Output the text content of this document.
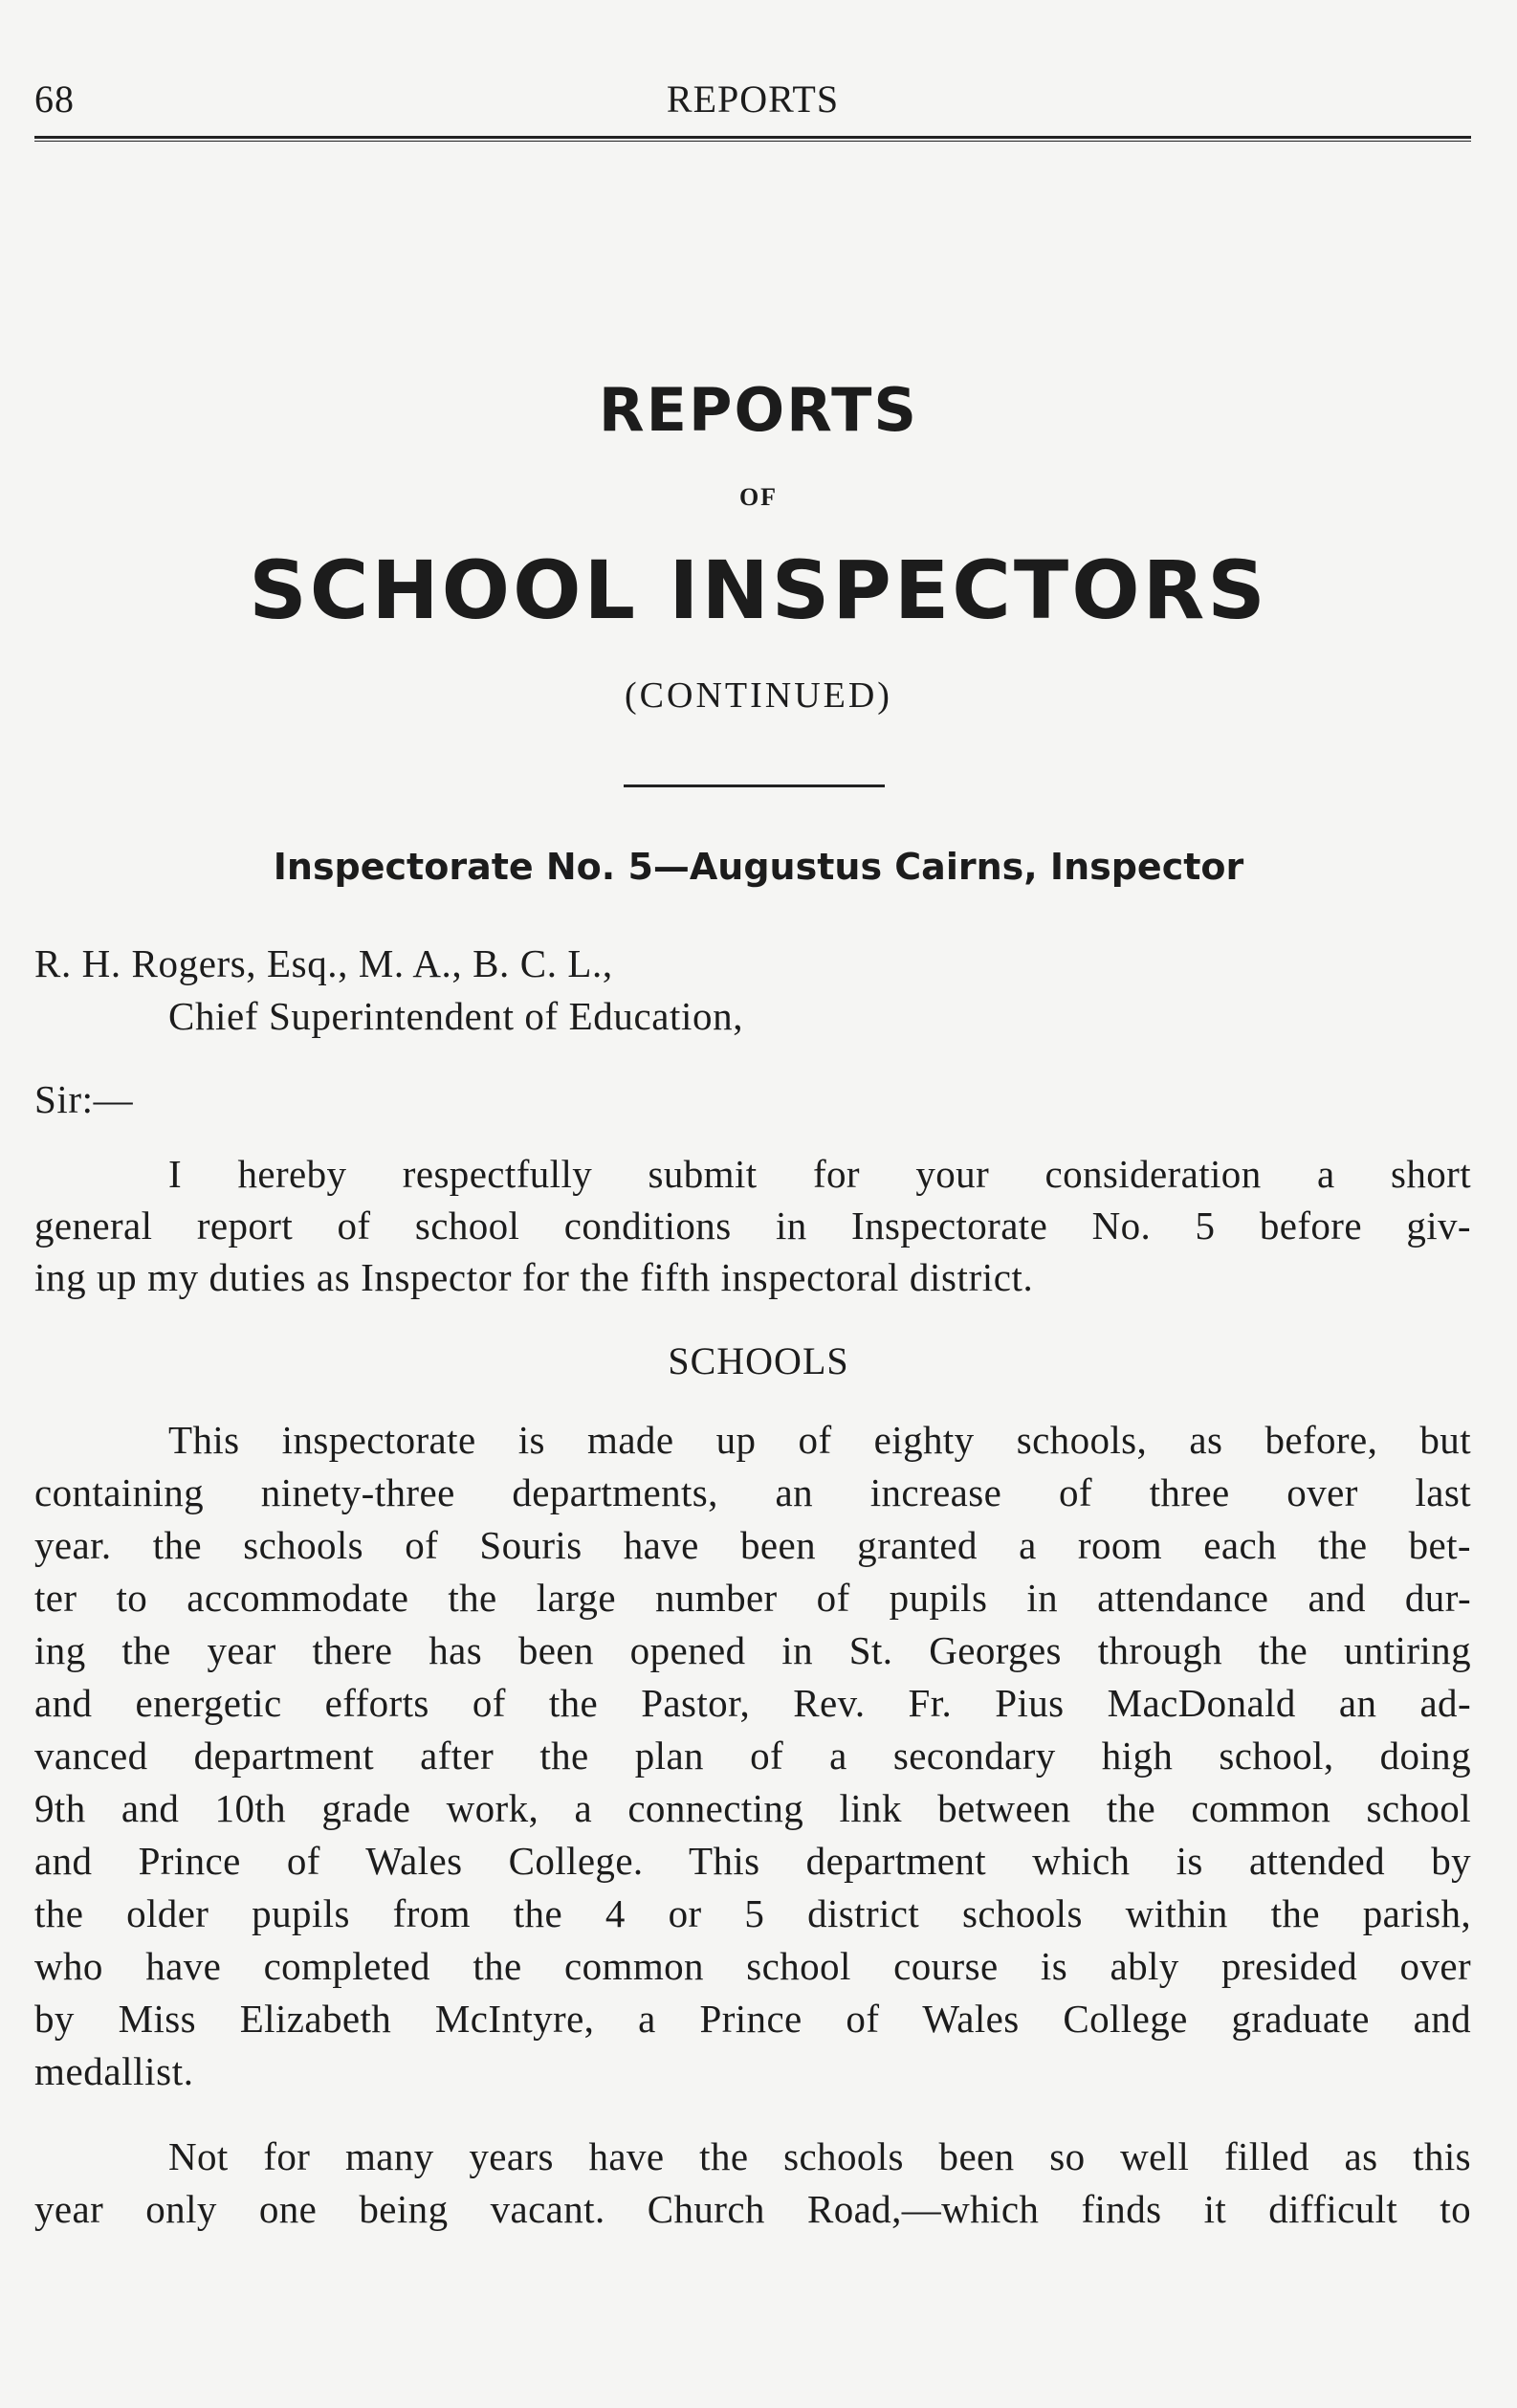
68	REPORTS
REPORTS
OF
SCHOOL INSPECTORS
(CONTINUED)
Inspectorate No. 5—Augustus Cairns, Inspector
R. H. Rogers, Esq., M. A., B. C. L.,
Chief Superintendent of Education,
Sir:—
I hereby respectfully submit for your consideration a short
general report of school conditions in Inspectorate No. 5 before giv-
ing up my duties as Inspector for the fifth inspectoral district.
SCHOOLS
This inspectorate is made up of eighty schools, as before, but
containing ninety-three departments, an increase of three over last
year. the schools of Souris have been granted a room each the bet-
ter to accommodate the large number of pupils in attendance and dur-
ing the year there has been opened in St. Georges through the untiring
and energetic efforts of the Pastor, Rev. Fr. Pius MacDonald an ad-
vanced department after the plan of a secondary high school, doing
9th and 10th grade work, a connecting link between the common school
and Prince of Wales College. This department which is attended by
the older pupils from the 4 or 5 district schools within the parish,
who have completed the common school course is ably presided over
by Miss Elizabeth McIntyre, a Prince of Wales College graduate and
medallist.
Not for many years have the schools been so well filled as this
year only one being vacant. Church Road,—which finds it difficult to
